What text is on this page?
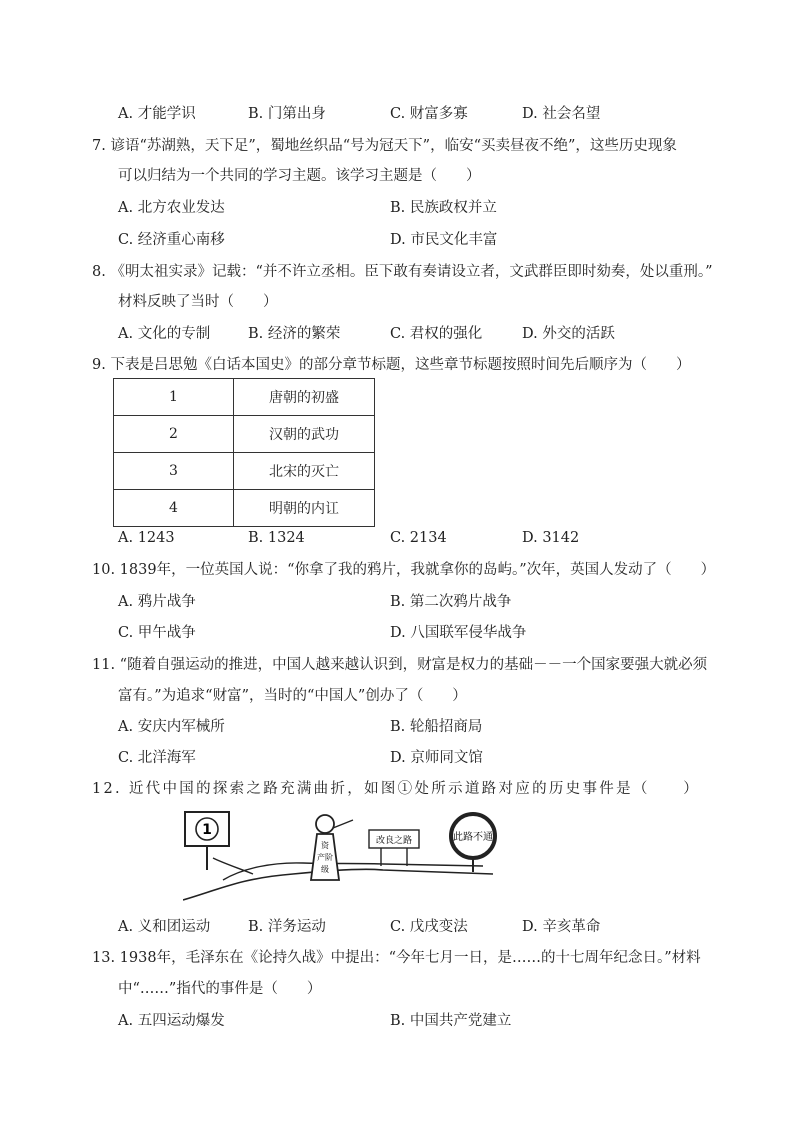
A. 才能学识	B. 门第出身	C. 财富多寡	D. 社会名望
7. 谚语“苏湖熟，天下足”，蜀地丝织品“号为冠天下”，临安“买卖昼夜不绝”，这些历史现象
可以归结为一个共同的学习主题。该学习主题是（　　）
A. 北方农业发达	B. 民族政权并立
C. 经济重心南移	D. 市民文化丰富
8. 《明太祖实录》记载：“并不许立丞相。臣下敢有奏请设立者，文武群臣即时劾奏，处以重刑。”
材料反映了当时（　　）
A. 文化的专制	B. 经济的繁荣	C. 君权的强化	D. 外交的活跃
9. 下表是吕思勉《白话本国史》的部分章节标题，这些章节标题按照时间先后顺序为（　　）
1	唐朝的初盛
2	汉朝的武功
3	北宋的灭亡
4	明朝的内讧
A. 1243	B. 1324	C. 2134	D. 3142
10. 1839年，一位英国人说：“你拿了我的鸦片，我就拿你的岛屿。”次年，英国人发动了（　　）
A. 鸦片战争	B. 第二次鸦片战争
C. 甲午战争	D. 八国联军侵华战争
11. “随着自强运动的推进，中国人越来越认识到，财富是权力的基础－－一个国家要强大就必须
富有。”为追求“财富”，当时的“中国人”创办了（　　）
A. 安庆内军械所	B. 轮船招商局
C. 北洋海军	D. 京师同文馆
12. 近代中国的探索之路充满曲折，如图①处所示道路对应的历史事件是（　　）
1
资
产阶
级
改良之路	此路不通
A. 义和团运动	B. 洋务运动	C. 戊戌变法	D. 辛亥革命
13. 1938年，毛泽东在《论持久战》中提出：“今年七月一日，是……的十七周年纪念日。”材料
中“……”指代的事件是（　　）
A. 五四运动爆发	B. 中国共产党建立
